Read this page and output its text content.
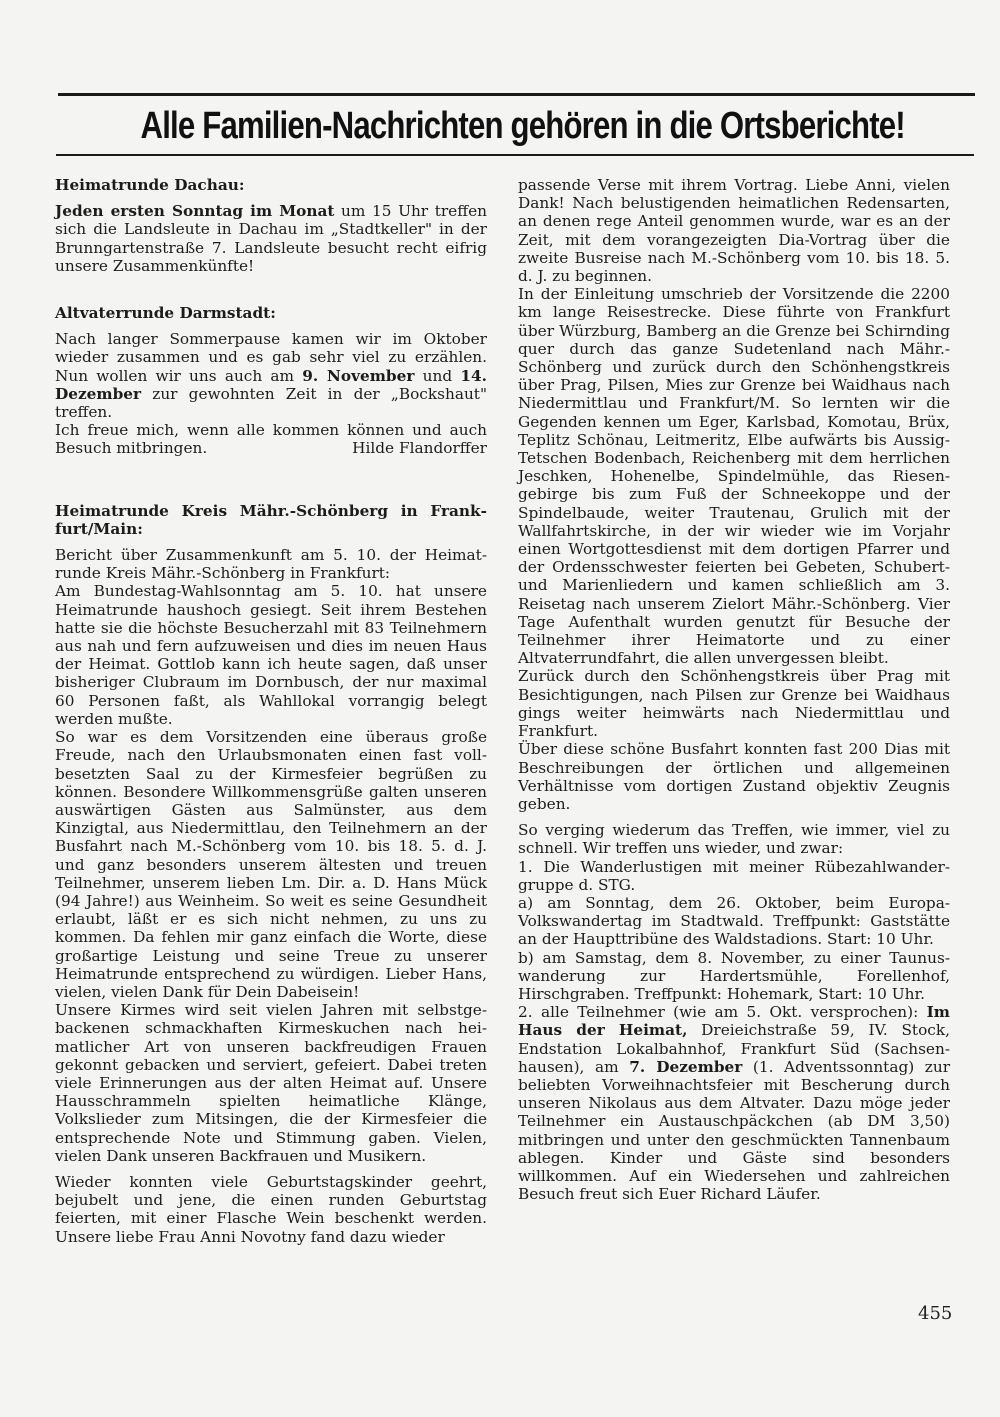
Alle Familien-Nachrichten gehören in die Ortsberichte!

Heimatrunde Dachau:

Jeden ersten Sonntag im Monat um 15 Uhr treffen sich die Landsleute in Dachau im „Stadtkeller" in der Brunngartenstraße 7. Landsleute besucht recht eifrig unsere Zusammenkünfte!

Altvaterrunde Darmstadt:

Nach langer Sommerpause kamen wir im Oktober wieder zusammen und es gab sehr viel zu erzählen. Nun wollen wir uns auch am 9. November und 14. Dezember zur gewohnten Zeit in der „Bockshaut" treffen.

Ich freue mich, wenn alle kommen können und auch Besuch mitbringen.	Hilde Flandorffer

Heimatrunde Kreis Mähr.-Schönberg in Frankfurt/Main:

Bericht über Zusammenkunft am 5. 10. der Heimatrunde Kreis Mähr.-Schönberg in Frankfurt:

Am Bundestag-Wahlsonntag am 5. 10. hat unsere Heimatrunde haushoch gesiegt. Seit ihrem Bestehen hatte sie die höchste Besucherzahl mit 83 Teilnehmern aus nah und fern aufzuweisen und dies im neuen Haus der Heimat. Gottlob kann ich heute sagen, daß unser bisheriger Clubraum im Dornbusch, der nur maximal 60 Personen faßt, als Wahllokal vorrangig belegt werden mußte.

So war es dem Vorsitzenden eine überaus große Freude, nach den Urlaubsmonaten einen fast vollbesetzten Saal zu der Kirmesfeier begrüßen zu können. Besondere Willkommensgrüße galten unseren auswärtigen Gästen aus Salmünster, aus dem Kinzigtal, aus Niedermittlau, den Teilnehmern an der Busfahrt nach M.-Schönberg vom 10. bis 18. 5. d. J. und ganz besonders unserem ältesten und treuen Teilnehmer, unserem lieben Lm. Dir. a. D. Hans Mück (94 Jahre!) aus Weinheim. So weit es seine Gesundheit erlaubt, läßt er es sich nicht nehmen, zu uns zu kommen. Da fehlen mir ganz einfach die Worte, diese großartige Leistung und seine Treue zu unserer Heimatrunde entsprechend zu würdigen. Lieber Hans, vielen, vielen Dank für Dein Dabeisein!

Unsere Kirmes wird seit vielen Jahren mit selbstgebackenen schmackhaften Kirmeskuchen nach heimatlicher Art von unseren backfreudigen Frauen gekonnt gebacken und serviert, gefeiert. Dabei treten viele Erinnerungen aus der alten Heimat auf. Unsere Hausschrammeln spielten heimatliche Klänge, Volkslieder zum Mitsingen, die der Kirmesfeier die entsprechende Note und Stimmung gaben. Vielen, vielen Dank unseren Backfrauen und Musikern.

Wieder konnten viele Geburtstagskinder geehrt, bejubelt und jene, die einen runden Geburtstag feierten, mit einer Flasche Wein beschenkt werden. Unsere liebe Frau Anni Novotny fand dazu wieder

passende Verse mit ihrem Vortrag. Liebe Anni, vielen Dank! Nach belustigenden heimatlichen Redensarten, an denen rege Anteil genommen wurde, war es an der Zeit, mit dem vorangezeigten Dia-Vortrag über die zweite Busreise nach M.-Schönberg vom 10. bis 18. 5. d. J. zu beginnen.

In der Einleitung umschrieb der Vorsitzende die 2200 km lange Reisestrecke. Diese führte von Frankfurt über Würzburg, Bamberg an die Grenze bei Schirnding quer durch das ganze Sudetenland nach Mähr.-Schönberg und zurück durch den Schönhengstkreis über Prag, Pilsen, Mies zur Grenze bei Waidhaus nach Niedermittlau und Frankfurt/M. So lernten wir die Gegenden kennen um Eger, Karlsbad, Komotau, Brüx, Teplitz Schönau, Leitmeritz, Elbe aufwärts bis Aussig-Tetschen Bodenbach, Reichenberg mit dem herrlichen Jeschken, Hohenelbe, Spindelmühle, das Riesengebirge bis zum Fuß der Schneekoppe und der Spindelbaude, weiter Trautenau, Grulich mit der Wallfahrtskirche, in der wir wieder wie im Vorjahr einen Wortgottesdienst mit dem dortigen Pfarrer und der Ordensschwester feierten bei Gebeten, Schubert- und Marienliedern und kamen schließlich am 3. Reisetag nach unserem Zielort Mähr.-Schönberg. Vier Tage Aufenthalt wurden genutzt für Besuche der Teilnehmer ihrer Heimatorte und zu einer Altvaterrundfahrt, die allen unvergessen bleibt.

Zurück durch den Schönhengstkreis über Prag mit Besichtigungen, nach Pilsen zur Grenze bei Waidhaus gings weiter heimwärts nach Niedermittlau und Frankfurt.

Über diese schöne Busfahrt konnten fast 200 Dias mit Beschreibungen der örtlichen und allgemeinen Verhältnisse vom dortigen Zustand objektiv Zeugnis geben.

So verging wiederum das Treffen, wie immer, viel zu schnell. Wir treffen uns wieder, und zwar:

1. Die Wanderlustigen mit meiner Rübezahlwandergruppe d. STG.

a) am Sonntag, dem 26. Oktober, beim Europa-Volkswandertag im Stadtwald. Treffpunkt: Gaststätte an der Haupttribüne des Waldstadions. Start: 10 Uhr.

b) am Samstag, dem 8. November, zu einer Taunuswanderung zur Hardertsmühle, Forellenhof, Hirschgraben. Treffpunkt: Hohemark, Start: 10 Uhr.

2. alle Teilnehmer (wie am 5. Okt. versprochen): Im Haus der Heimat, Dreieichstraße 59, IV. Stock, Endstation Lokalbahnhof, Frankfurt Süd (Sachsenhausen), am 7. Dezember (1. Adventssonntag) zur beliebten Vorweihnachtsfeier mit Bescherung durch unseren Nikolaus aus dem Altvater. Dazu möge jeder Teilnehmer ein Austauschpäckchen (ab DM 3,50) mitbringen und unter den geschmückten Tannenbaum ablegen. Kinder und Gäste sind besonders willkommen. Auf ein Wiedersehen und zahlreichen Besuch freut sich Euer Richard Läufer.

455
